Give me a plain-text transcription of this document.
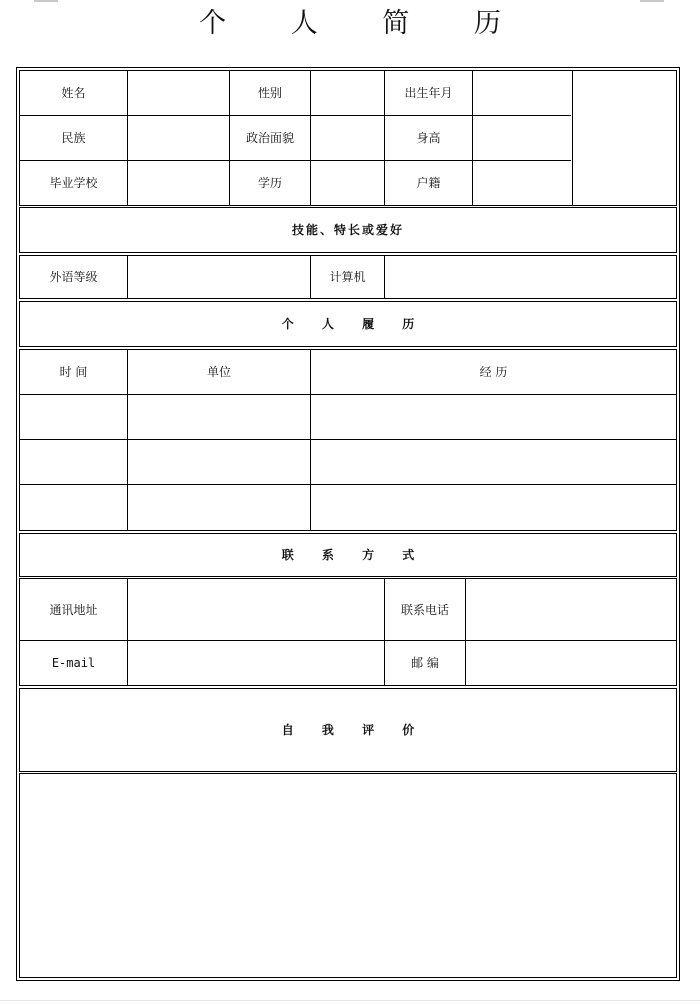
个 人 简 历
姓名	性别	出生年月
民族	政治面貌	身高
毕业学校	学历	户籍
技能、特长或爱好
外语等级	计算机
个 人 履 历
时 间	单位	经 历
联 系 方 式
通讯地址	联系电话
E-mail	邮 编
自 我 评 价
